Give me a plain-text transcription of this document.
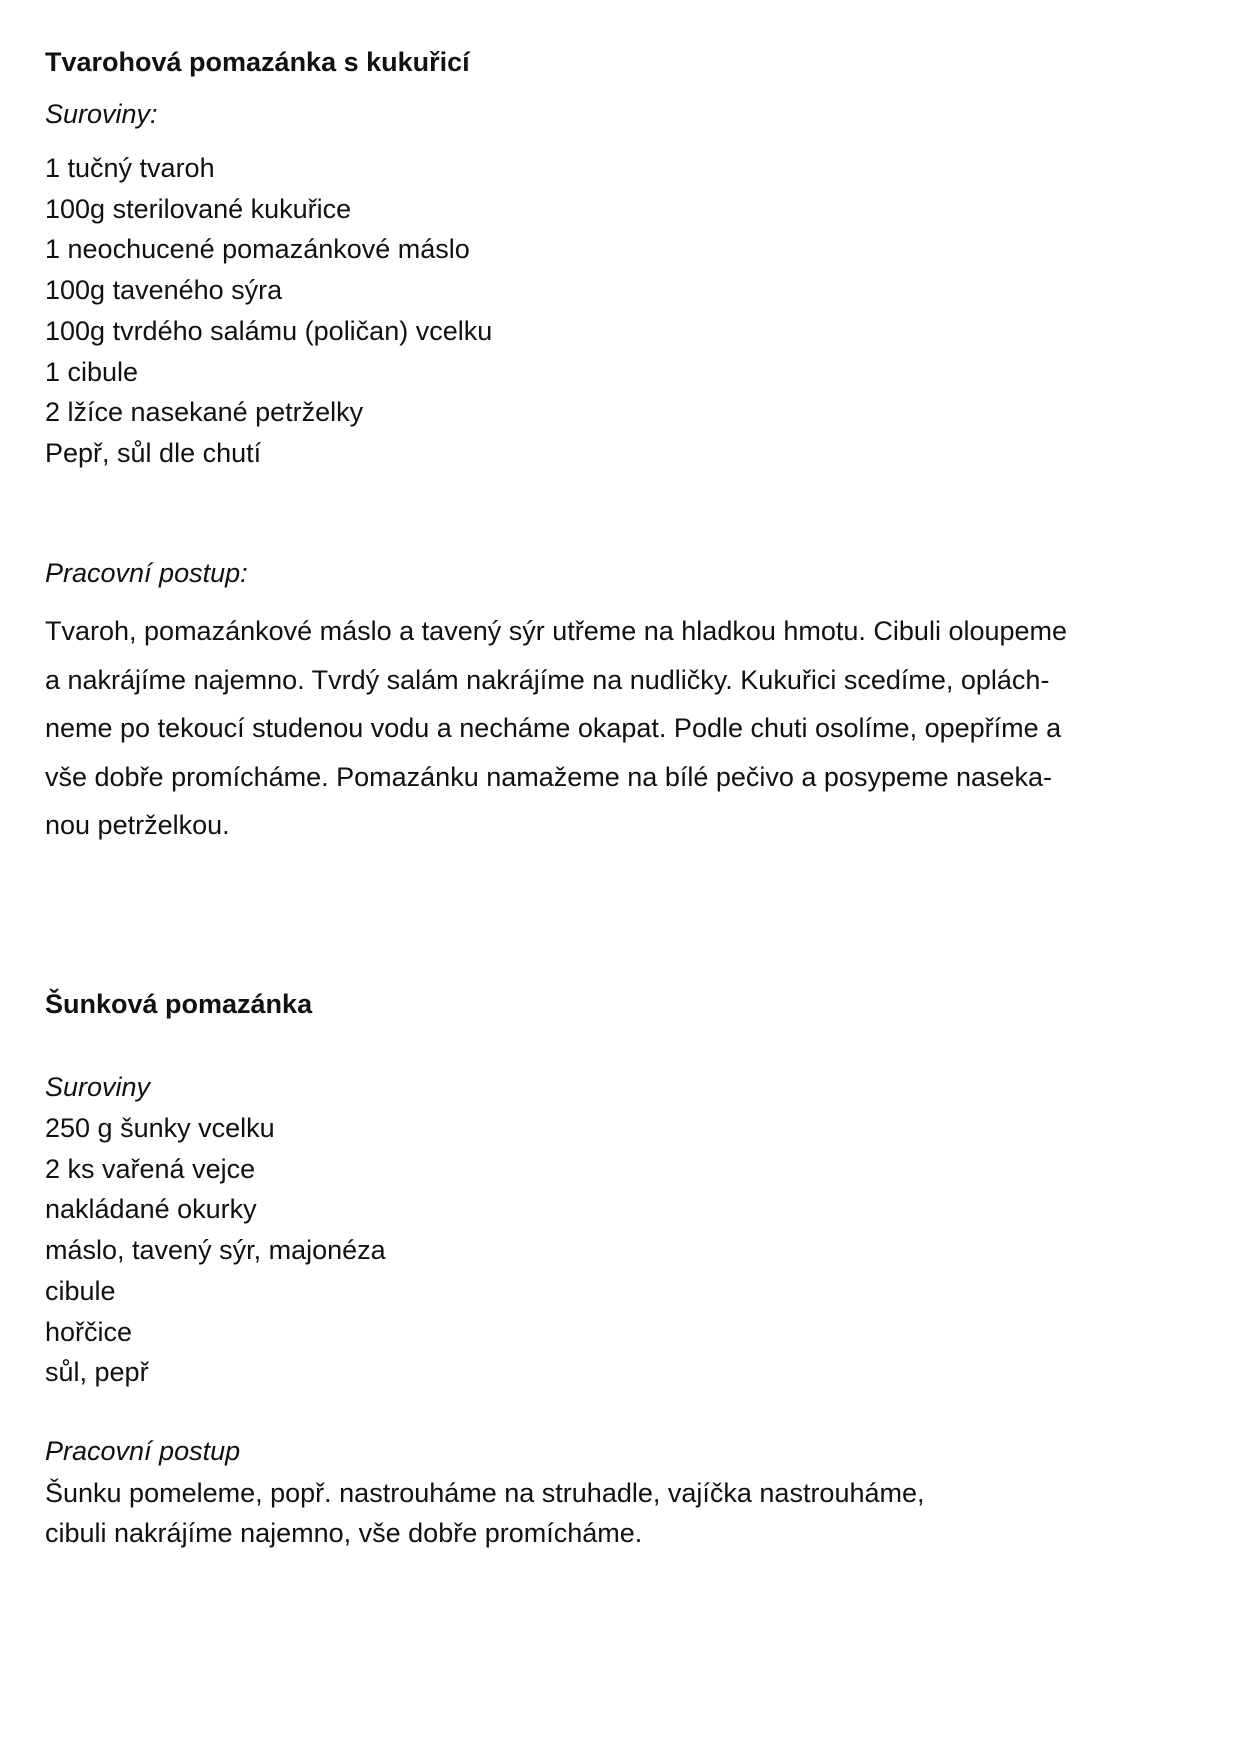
Tvarohová pomazánka s kukuřicí
Suroviny:
1 tučný tvaroh
100g sterilované kukuřice
1 neochucené pomazánkové máslo
100g taveného sýra
100g tvrdého salámu (poličan) vcelku
1 cibule
2 lžíce nasekané petrželky
Pepř, sůl dle chutí
Pracovní postup:
Tvaroh, pomazánkové máslo a tavený sýr utřeme na hladkou hmotu. Cibuli oloupeme
a nakrájíme najemno. Tvrdý salám nakrájíme na nudličky. Kukuřici scedíme, oplách-
neme po tekoucí studenou vodu a necháme okapat. Podle chuti osolíme, opepříme a
vše dobře promícháme. Pomazánku namažeme na bílé pečivo a posypeme naseka-
nou petrželkou.
Šunková pomazánka
Suroviny
250 g šunky vcelku
2 ks vařená vejce
nakládané okurky
máslo, tavený sýr, majonéza
cibule
hořčice
sůl, pepř
Pracovní postup
Šunku pomeleme, popř. nastrouháme na struhadle, vajíčka nastrouháme,
cibuli nakrájíme najemno, vše dobře promícháme.
